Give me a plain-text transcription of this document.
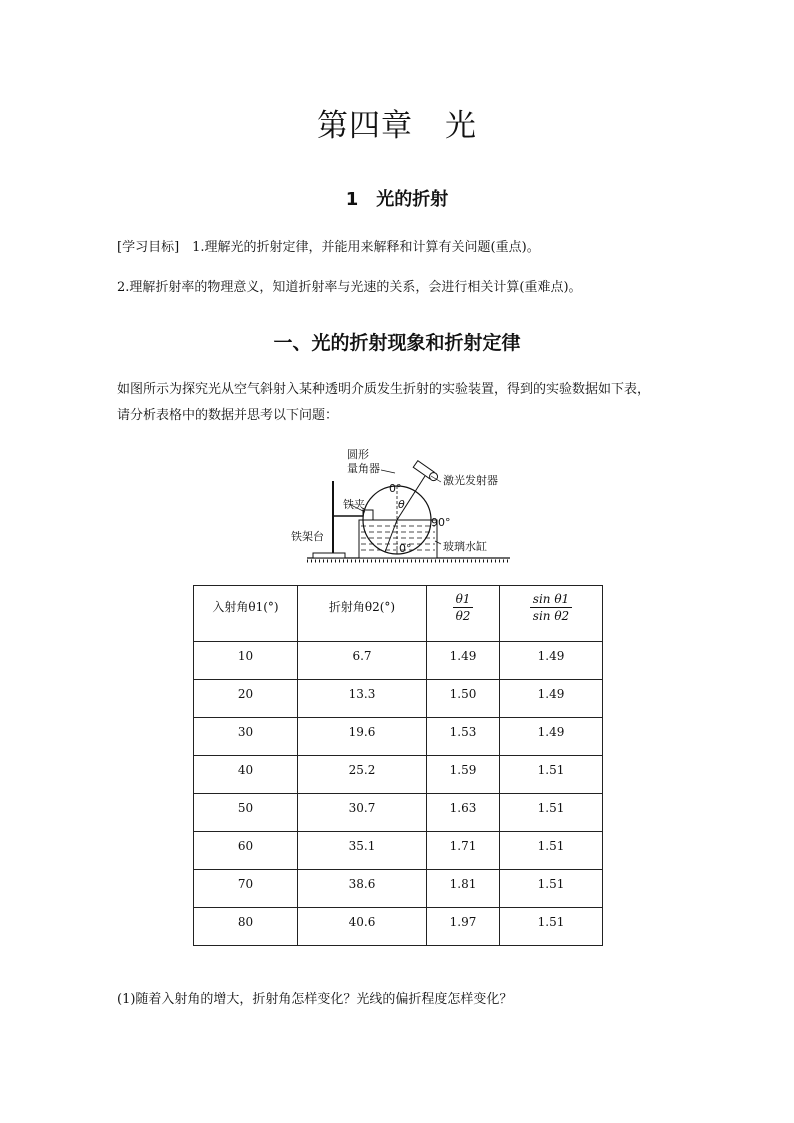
第四章　光
1　光的折射
[学习目标]　1.理解光的折射定律，并能用来解释和计算有关问题(重点)。
2.理解折射率的物理意义，知道折射率与光速的关系，会进行相关计算(重难点)。
一、光的折射现象和折射定律
如图所示为探究光从空气斜射入某种透明介质发生折射的实验装置，得到的实验数据如下表，
请分析表格中的数据并思考以下问题：
圆形
量角器
0°
激光发射器
铁夹	θ
90°
铁架台
0°	玻璃水缸
入射角θ1(°)	折射角θ2(°)	$\frac{\theta 1}{\theta 2}$	$\frac{\text{sin θ1}}{\text{sin θ2}}$

10	6.7	1.49	1.49
20	13.3	1.50	1.49
30	19.6	1.53	1.49
40	25.2	1.59	1.51
50	30.7	1.63	1.51
60	35.1	1.71	1.51
70	38.6	1.81	1.51
80	40.6	1.97	1.51
(1)随着入射角的增大，折射角怎样变化？光线的偏折程度怎样变化？
